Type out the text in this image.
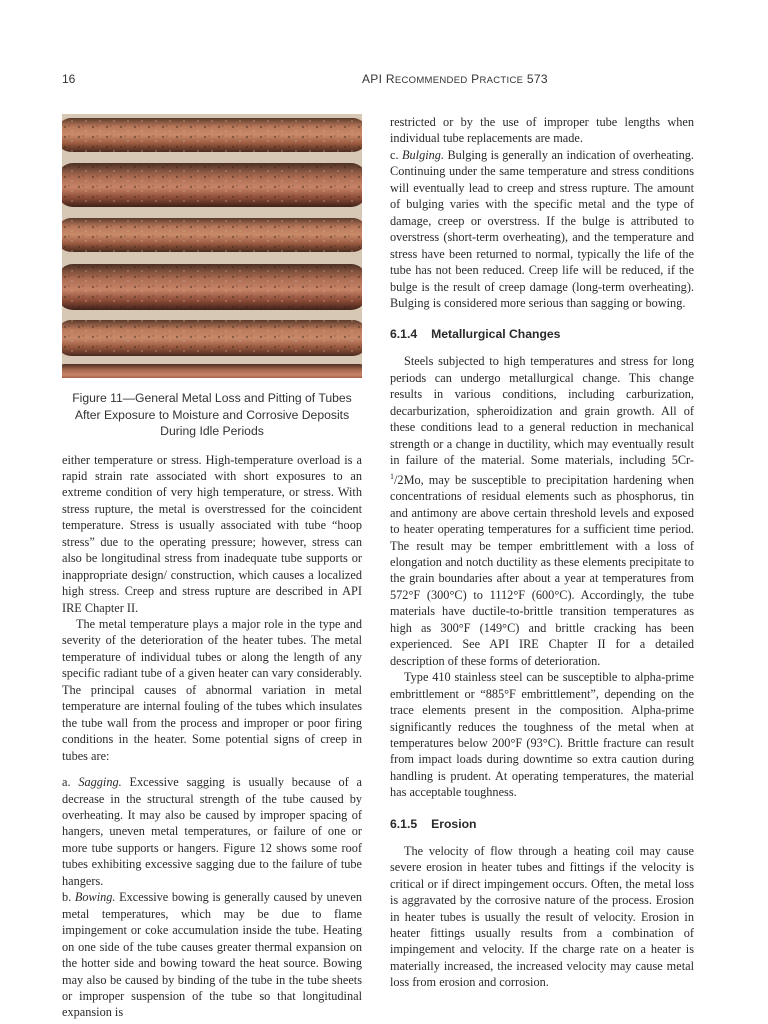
16	API RECOMMENDED PRACTICE 573
Figure 11—General Metal Loss and Pitting of Tubes After Exposure to Moisture and Corrosive Deposits During Idle Periods

either temperature or stress. High-temperature overload is a rapid strain rate associated with short exposures to an extreme condition of very high temperature, or stress. With stress rupture, the metal is overstressed for the coincident temperature. Stress is usually associated with tube “hoop stress” due to the operating pressure; however, stress can also be longitudinal stress from inadequate tube supports or inappropriate design/ construction, which causes a localized high stress. Creep and stress rupture are described in API IRE Chapter II.

The metal temperature plays a major role in the type and severity of the deterioration of the heater tubes. The metal temperature of individual tubes or along the length of any specific radiant tube of a given heater can vary considerably. The principal causes of abnormal variation in metal temperature are internal fouling of the tubes which insulates the tube wall from the process and improper or poor firing conditions in the heater. Some potential signs of creep in tubes are:

a. Sagging. Excessive sagging is usually because of a decrease in the structural strength of the tube caused by overheating. It may also be caused by improper spacing of hangers, uneven metal temperatures, or failure of one or more tube supports or hangers. Figure 12 shows some roof tubes exhibiting excessive sagging due to the failure of tube hangers.

b. Bowing. Excessive bowing is generally caused by uneven metal temperatures, which may be due to flame impingement or coke accumulation inside the tube. Heating on one side of the tube causes greater thermal expansion on the hotter side and bowing toward the heat source. Bowing may also be caused by binding of the tube in the tube sheets or improper suspension of the tube so that longitudinal expansion is

restricted or by the use of improper tube lengths when individual tube replacements are made.

c. Bulging. Bulging is generally an indication of overheating. Continuing under the same temperature and stress conditions will eventually lead to creep and stress rupture. The amount of bulging varies with the specific metal and the type of damage, creep or overstress. If the bulge is attributed to overstress (short-term overheating), and the temperature and stress have been returned to normal, typically the life of the tube has not been reduced. Creep life will be reduced, if the bulge is the result of creep damage (long-term overheating). Bulging is considered more serious than sagging or bowing.

6.1.4 Metallurgical Changes

Steels subjected to high temperatures and stress for long periods can undergo metallurgical change. This change results in various conditions, including carburization, decarburization, spheroidization and grain growth. All of these conditions lead to a general reduction in mechanical strength or a change in ductility, which may eventually result in failure of the material. Some materials, including 5Cr-$^1$/2Mo, may be susceptible to precipitation hardening when concentrations of residual elements such as phosphorus, tin and antimony are above certain threshold levels and exposed to heater operating temperatures for a sufficient time period. The result may be temper embrittlement with a loss of elongation and notch ductility as these elements precipitate to the grain boundaries after about a year at temperatures from 572°F (300°C) to 1112°F (600°C). Accordingly, the tube materials have ductile-to-brittle transition temperatures as high as 300°F (149°C) and brittle cracking has been experienced. See API IRE Chapter II for a detailed description of these forms of deterioration.

Type 410 stainless steel can be susceptible to alpha-prime embrittlement or “885°F embrittlement”, depending on the trace elements present in the composition. Alpha-prime significantly reduces the toughness of the metal when at temperatures below 200°F (93°C). Brittle fracture can result from impact loads during downtime so extra caution during handling is prudent. At operating temperatures, the material has acceptable toughness.

6.1.5 Erosion

The velocity of flow through a heating coil may cause severe erosion in heater tubes and fittings if the velocity is critical or if direct impingement occurs. Often, the metal loss is aggravated by the corrosive nature of the process. Erosion in heater tubes is usually the result of velocity. Erosion in heater fittings usually results from a combination of impingement and velocity. If the charge rate on a heater is materially increased, the increased velocity may cause metal loss from erosion and corrosion.
